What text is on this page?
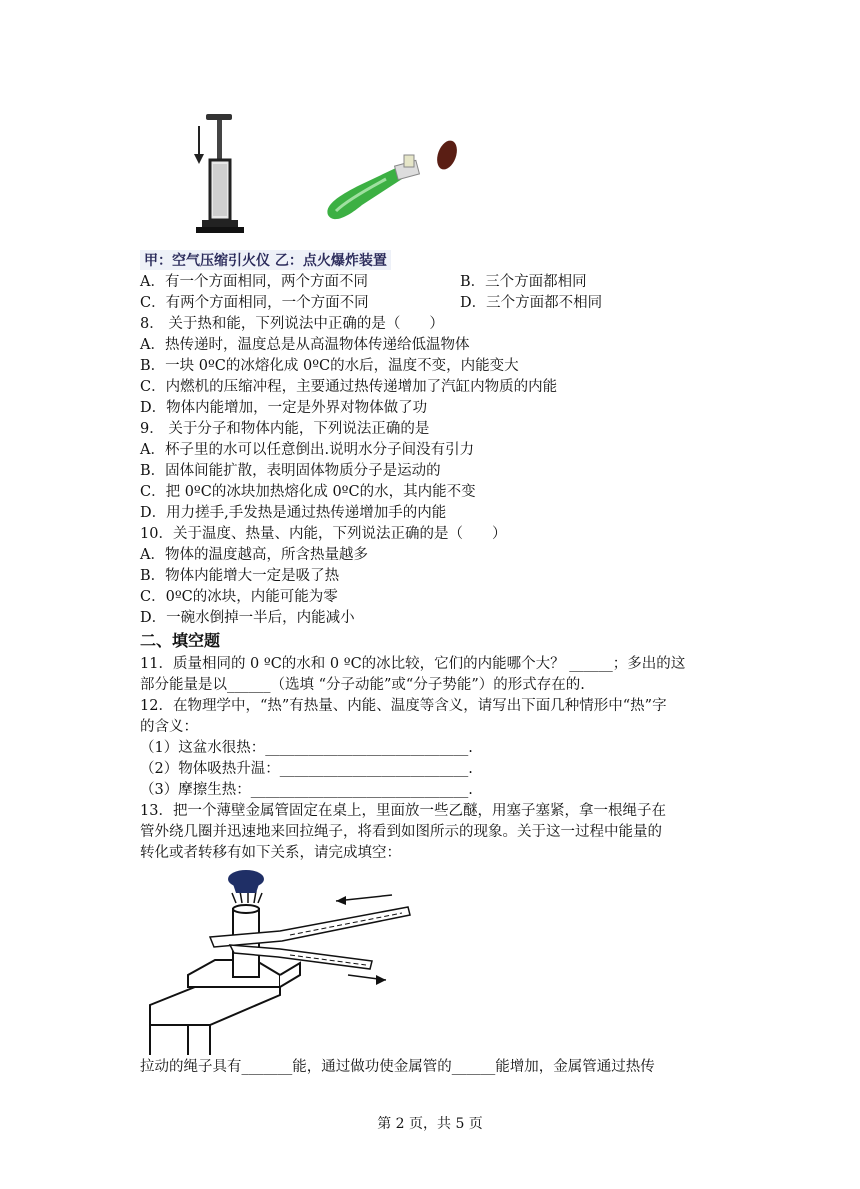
甲：空气压缩引火仪 乙：点火爆炸装置
A．有一个方面相同，两个方面不同	B．三个方面都相同
C．有两个方面相同，一个方面不同	D．三个方面都不相同
8． 关于热和能，下列说法中正确的是（　　）
A．热传递时，温度总是从高温物体传递给低温物体
B．一块 0ºC的冰熔化成 0ºC的水后，温度不变，内能变大
C．内燃机的压缩冲程，主要通过热传递增加了汽缸内物质的内能
D．物体内能增加，一定是外界对物体做了功
9． 关于分子和物体内能，下列说法正确的是
A．杯子里的水可以任意倒出.说明水分子间没有引力
B．固体间能扩散，表明固体物质分子是运动的
C．把 0ºC的冰块加热熔化成 0ºC的水，其内能不变
D．用力搓手,手发热是通过热传递增加手的内能
10．关于温度、热量、内能，下列说法正确的是（　　）
A．物体的温度越高，所含热量越多
B．物体内能增大一定是吸了热
C．0ºC的冰块，内能可能为零
D．一碗水倒掉一半后，内能减小
二、填空题
11．质量相同的 0 ºC的水和 0 ºC的冰比较，它们的内能哪个大？ ______；多出的这
部分能量是以______（选填 “分子动能”或“分子势能”）的形式存在的.
12．在物理学中，“热”有热量、内能、温度等含义，请写出下面几种情形中“热”字
的含义：
（1）这盆水很热：____________________________.
（2）物体吸热升温：__________________________.
（3）摩擦生热：______________________________.
13．把一个薄壁金属管固定在桌上，里面放一些乙醚，用塞子塞紧，拿一根绳子在
管外绕几圈并迅速地来回拉绳子，将看到如图所示的现象。关于这一过程中能量的
转化或者转移有如下关系，请完成填空：
拉动的绳子具有_______能，通过做功使金属管的______能增加，金属管通过热传
第 2 页，共 5 页
